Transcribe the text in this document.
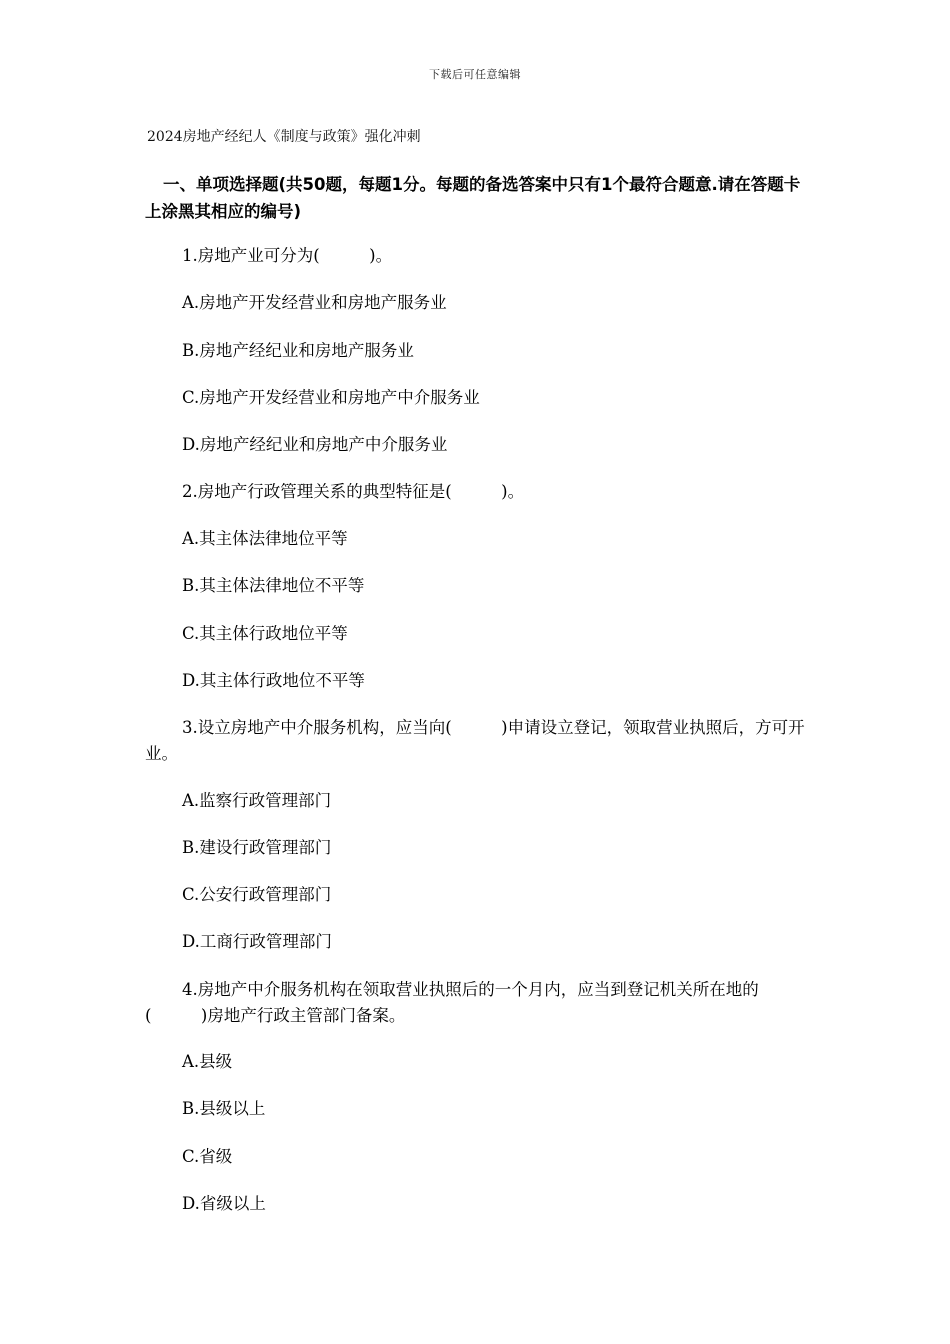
下载后可任意编辑
2024房地产经纪人《制度与政策》强化冲刺
一、单项选择题(共50题，每题1分。每题的备选答案中只有1个最符合题意.请在答题卡上涂黑其相应的编号)
1.房地产业可分为(　　　)。
A.房地产开发经营业和房地产服务业
B.房地产经纪业和房地产服务业
C.房地产开发经营业和房地产中介服务业
D.房地产经纪业和房地产中介服务业
2.房地产行政管理关系的典型特征是(　　　)。
A.其主体法律地位平等
B.其主体法律地位不平等
C.其主体行政地位平等
D.其主体行政地位不平等
3.设立房地产中介服务机构，应当向(　　　)申请设立登记，领取营业执照后，方可开业。
A.监察行政管理部门
B.建设行政管理部门
C.公安行政管理部门
D.工商行政管理部门
4.房地产中介服务机构在领取营业执照后的一个月内，应当到登记机关所在地的(　　　)房地产行政主管部门备案。
A.县级
B.县级以上
C.省级
D.省级以上
